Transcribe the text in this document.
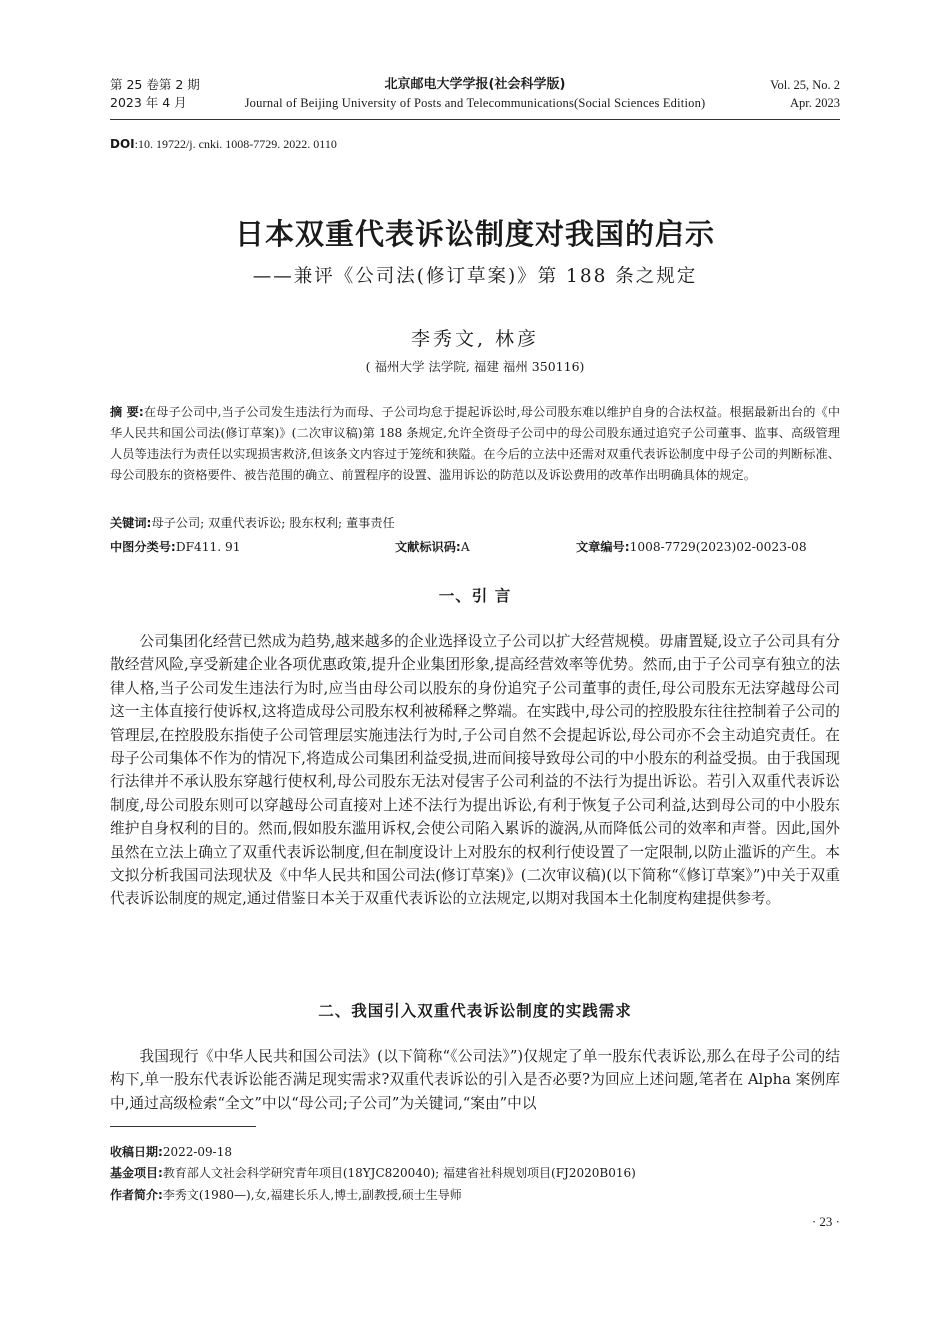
第 25 卷第 2 期
2023 年 4 月
北京邮电大学学报(社会科学版)
Journal of Beijing University of Posts and Telecommunications(Social Sciences Edition)
Vol. 25, No. 2
Apr. 2023
DOI:10. 19722/j. cnki. 1008-7729. 2022. 0110
日本双重代表诉讼制度对我国的启示
——兼评《公司法(修订草案)》第 188 条之规定
李秀文, 林彦
( 福州大学 法学院, 福建 福州 350116)
摘 要:在母子公司中,当子公司发生违法行为而母、子公司均怠于提起诉讼时,母公司股东难以维护自身的合法权益。根据最新出台的《中华人民共和国公司法(修订草案)》(二次审议稿)第 188 条规定,允许全资母子公司中的母公司股东通过追究子公司董事、监事、高级管理人员等违法行为责任以实现损害救济,但该条文内容过于笼统和狭隘。在今后的立法中还需对双重代表诉讼制度中母子公司的判断标准、母公司股东的资格要件、被告范围的确立、前置程序的设置、滥用诉讼的防范以及诉讼费用的改革作出明确具体的规定。
关键词:母子公司; 双重代表诉讼; 股东权利; 董事责任
中图分类号:DF411. 91	文献标识码:A	文章编号:1008-7729(2023)02-0023-08
一、引 言

公司集团化经营已然成为趋势,越来越多的企业选择设立子公司以扩大经营规模。毋庸置疑,设立子公司具有分散经营风险,享受新建企业各项优惠政策,提升企业集团形象,提高经营效率等优势。然而,由于子公司享有独立的法律人格,当子公司发生违法行为时,应当由母公司以股东的身份追究子公司董事的责任,母公司股东无法穿越母公司这一主体直接行使诉权,这将造成母公司股东权利被稀释之弊端。在实践中,母公司的控股股东往往控制着子公司的管理层,在控股股东指使子公司管理层实施违法行为时,子公司自然不会提起诉讼,母公司亦不会主动追究责任。在母子公司集体不作为的情况下,将造成公司集团利益受损,进而间接导致母公司的中小股东的利益受损。由于我国现行法律并不承认股东穿越行使权利,母公司股东无法对侵害子公司利益的不法行为提出诉讼。若引入双重代表诉讼制度,母公司股东则可以穿越母公司直接对上述不法行为提出诉讼,有利于恢复子公司利益,达到母公司的中小股东维护自身权利的目的。然而,假如股东滥用诉权,会使公司陷入累诉的漩涡,从而降低公司的效率和声誉。因此,国外虽然在立法上确立了双重代表诉讼制度,但在制度设计上对股东的权利行使设置了一定限制,以防止滥诉的产生。本文拟分析我国司法现状及《中华人民共和国公司法(修订草案)》(二次审议稿)(以下简称“《修订草案》”)中关于双重代表诉讼制度的规定,通过借鉴日本关于双重代表诉讼的立法规定,以期对我国本土化制度构建提供参考。

二、我国引入双重代表诉讼制度的实践需求

我国现行《中华人民共和国公司法》(以下简称“《公司法》”)仅规定了单一股东代表诉讼,那么在母子公司的结构下,单一股东代表诉讼能否满足现实需求?双重代表诉讼的引入是否必要?为回应上述问题,笔者在 Alpha 案例库中,通过高级检索“全文”中以“母公司;子公司”为关键词,“案由”中以

收稿日期:2022-09-18
基金项目:教育部人文社会科学研究青年项目(18YJC820040); 福建省社科规划项目(FJ2020B016)
作者简介:李秀文(1980—),女,福建长乐人,博士,副教授,硕士生导师
· 23 ·
